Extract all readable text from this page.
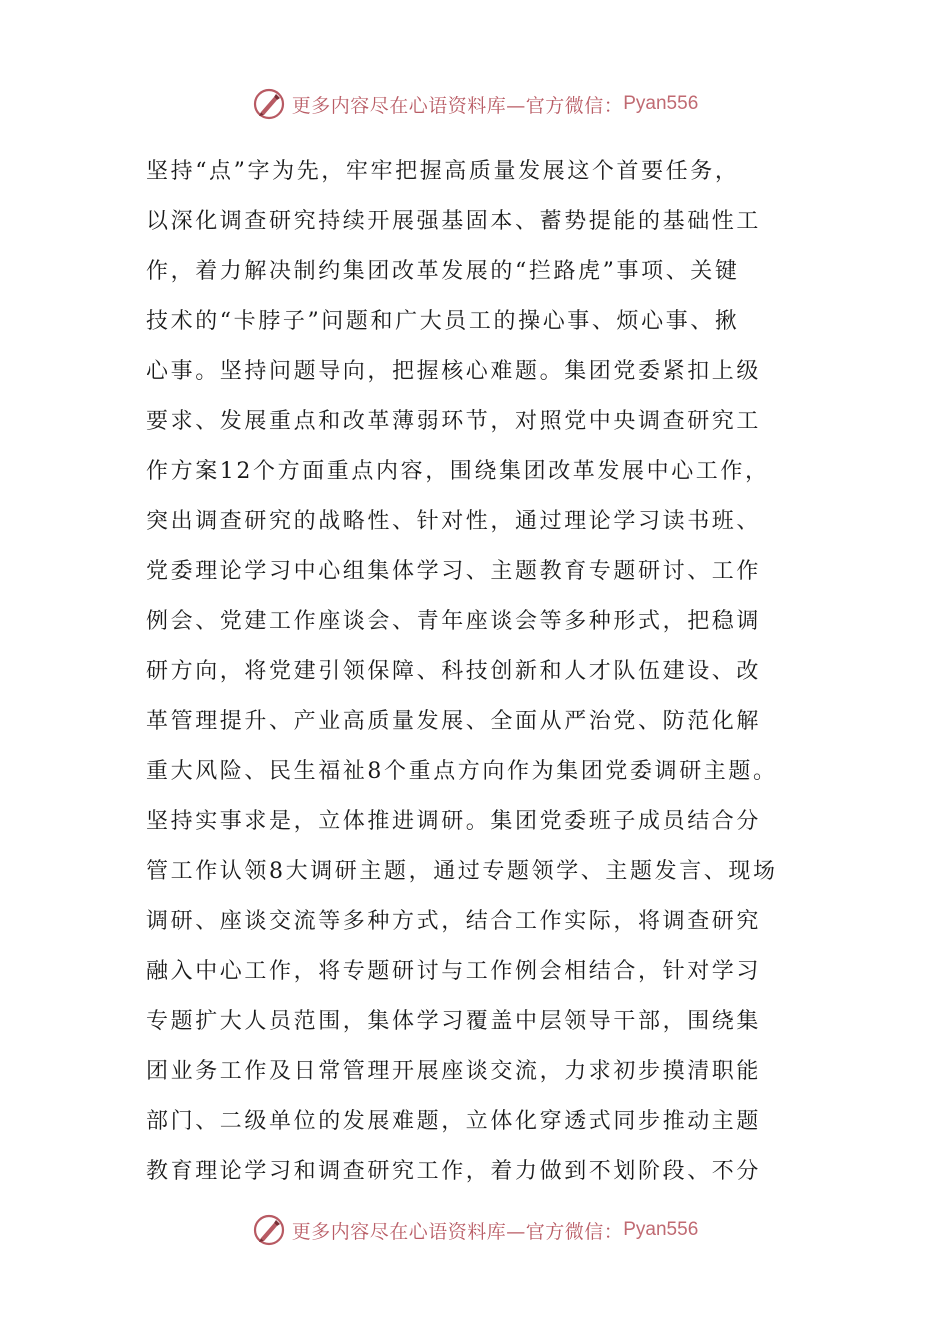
更多内容尽在心语资料库—官方微信： Pyan556
坚持“点”字为先，牢牢把握高质量发展这个首要任务，
以深化调查研究持续开展强基固本、蓄势提能的基础性工
作，着力解决制约集团改革发展的“拦路虎”事项、关键
技术的“卡脖子”问题和广大员工的操心事、烦心事、揪
心事。坚持问题导向，把握核心难题。集团党委紧扣上级
要求、发展重点和改革薄弱环节，对照党中央调查研究工
作方案12个方面重点内容，围绕集团改革发展中心工作，
突出调查研究的战略性、针对性，通过理论学习读书班、
党委理论学习中心组集体学习、主题教育专题研讨、工作
例会、党建工作座谈会、青年座谈会等多种形式，把稳调
研方向，将党建引领保障、科技创新和人才队伍建设、改
革管理提升、产业高质量发展、全面从严治党、防范化解
重大风险、民生福祉8个重点方向作为集团党委调研主题。
坚持实事求是，立体推进调研。集团党委班子成员结合分
管工作认领8大调研主题，通过专题领学、主题发言、现场
调研、座谈交流等多种方式，结合工作实际，将调查研究
融入中心工作，将专题研讨与工作例会相结合，针对学习
专题扩大人员范围，集体学习覆盖中层领导干部，围绕集
团业务工作及日常管理开展座谈交流，力求初步摸清职能
部门、二级单位的发展难题，立体化穿透式同步推动主题
教育理论学习和调查研究工作，着力做到不划阶段、不分
更多内容尽在心语资料库—官方微信： Pyan556
